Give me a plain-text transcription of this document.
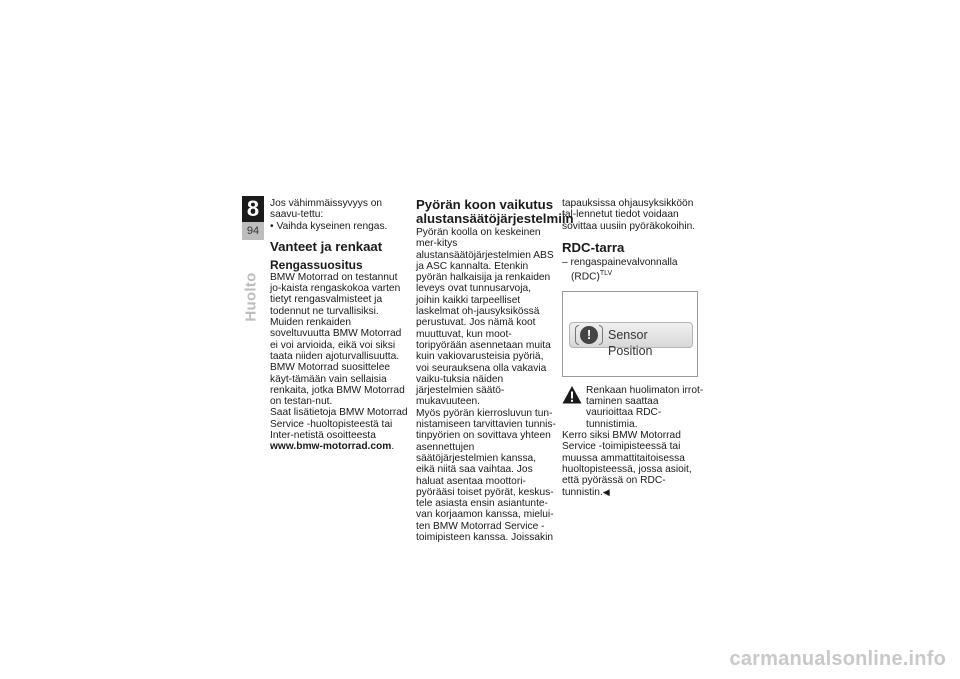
8
94
Huolto

Jos vähimmäissyvyys on saavu-tettu:

• Vaihda kyseinen rengas.

Vanteet ja renkaat
Rengassuositus

BMW Motorrad on testannut jo-kaista rengaskokoa varten tietyt rengasvalmisteet ja todennut ne turvallisiksi. Muiden renkaiden soveltuvuutta BMW Motorrad ei voi arvioida, eikä voi siksi taata niiden ajoturvallisuutta.

BMW Motorrad suosittelee käyt-tämään vain sellaisia renkaita, jotka BMW Motorrad on testan-nut.

Saat lisätietoja BMW Motorrad Service -huoltopisteestä tai Inter-netistä osoitteesta www.bmw-motorrad.com.

Pyörän koon vaikutus alustansäätöjärjestelmiin

Pyörän koolla on keskeinen mer-kitys alustansäätöjärjestelmien ABS ja ASC kannalta. Etenkin pyörän halkaisija ja renkaiden leveys ovat tunnusarvoja, joihin kaikki tarpeelliset laskelmat oh-jausyksikössä perustuvat. Jos nämä koot muuttuvat, kun moot-toripyörään asennetaan muita kuin vakiovarusteisia pyöriä, voi seurauksena olla vakavia vaiku-tuksia näiden järjestelmien säätö-mukavuuteen.

Myös pyörän kierrosluvun tun-nistamiseen tarvittavien tunnis-tinpyörien on sovittava yhteen asennettujen säätöjärjestelmien kanssa, eikä niitä saa vaihtaa. Jos haluat asentaa moottori-pyörääsi toiset pyörät, keskus-tele asiasta ensin asiantunte-van korjaamon kanssa, mielui-ten BMW Motorrad Service -toimipisteen kanssa. Joissakin

tapauksissa ohjausyksikköön tal-lennetut tiedot voidaan sovittaa uusiin pyöräkokoihin.

RDC-tarra

– rengaspainevalvonnalla (RDC)$^{TLV}$

!	Sensor Position

Renkaan huolimaton irrot-taminen saattaa vaurioittaa RDC-tunnistimia.

Kerro siksi BMW Motorrad Service -toimipisteessä tai muussa ammattitaitoisessa huoltopisteessä, jossa asioit, että pyörässä on RDC-tunnistin.◀

carmanualsonline.info
